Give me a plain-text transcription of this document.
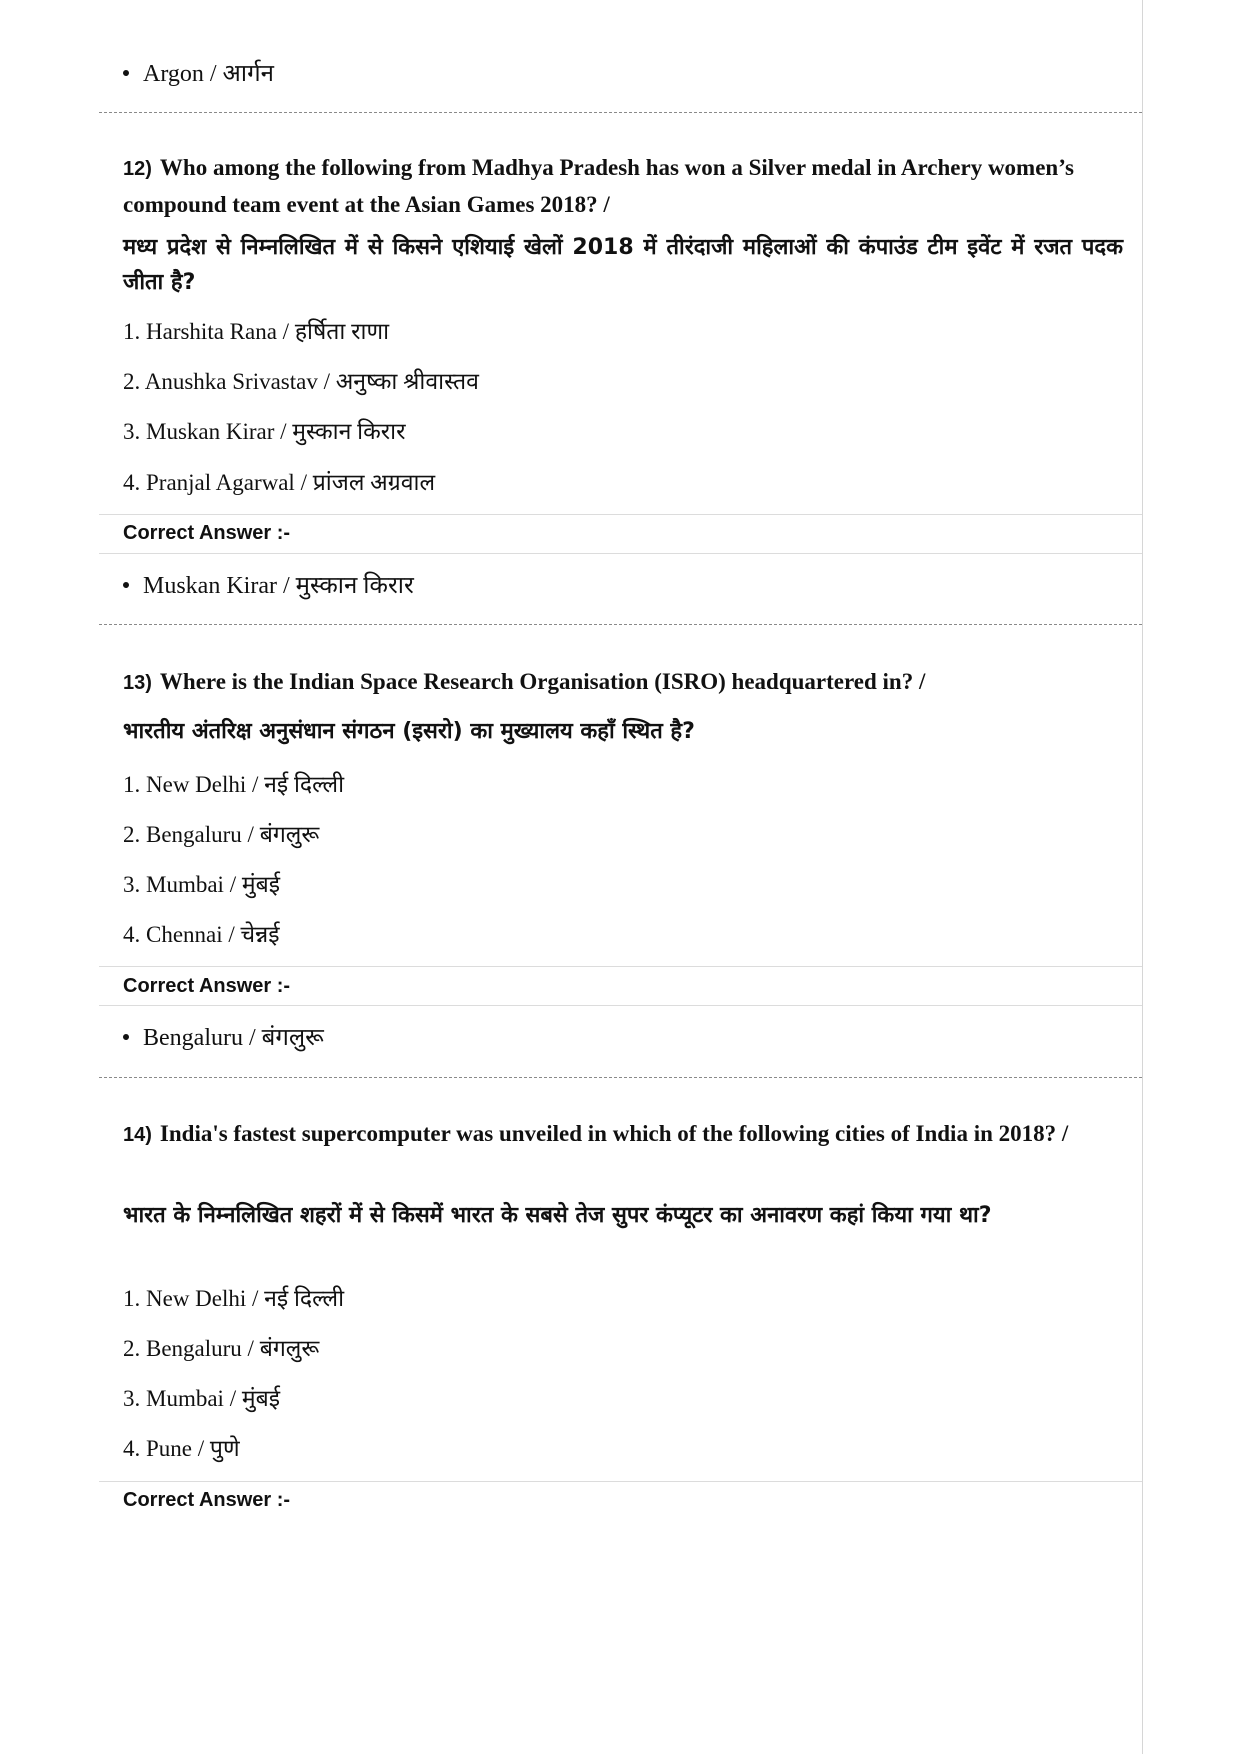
Argon / आर्गन
12) Who among the following from Madhya Pradesh has won a Silver medal in Archery women’s compound team event at the Asian Games 2018? /
मध्य प्रदेश से निम्नलिखित में से किसने एशियाई खेलों 2018 में तीरंदाजी महिलाओं की कंपाउंड टीम इवेंट में रजत पदक जीता है?
1. Harshita Rana / हर्षिता राणा
2. Anushka Srivastav / अनुष्का श्रीवास्तव
3. Muskan Kirar / मुस्कान किरार
4. Pranjal Agarwal / प्रांजल अग्रवाल
Correct Answer :-
Muskan Kirar / मुस्कान किरार
13) Where is the Indian Space Research Organisation (ISRO) headquartered in? /
भारतीय अंतरिक्ष अनुसंधान संगठन (इसरो) का मुख्यालय कहाँ स्थित है?
1. New Delhi / नई दिल्ली
2. Bengaluru / बंगलुरू
3. Mumbai / मुंबई
4. Chennai / चेन्नई
Correct Answer :-
Bengaluru / बंगलुरू
14) India's fastest supercomputer was unveiled in which of the following cities of India in 2018? /
भारत के निम्नलिखित शहरों में से किसमें भारत के सबसे तेज सुपर कंप्यूटर का अनावरण कहां किया गया था?
1. New Delhi / नई दिल्ली
2. Bengaluru / बंगलुरू
3. Mumbai / मुंबई
4. Pune / पुणे
Correct Answer :-
